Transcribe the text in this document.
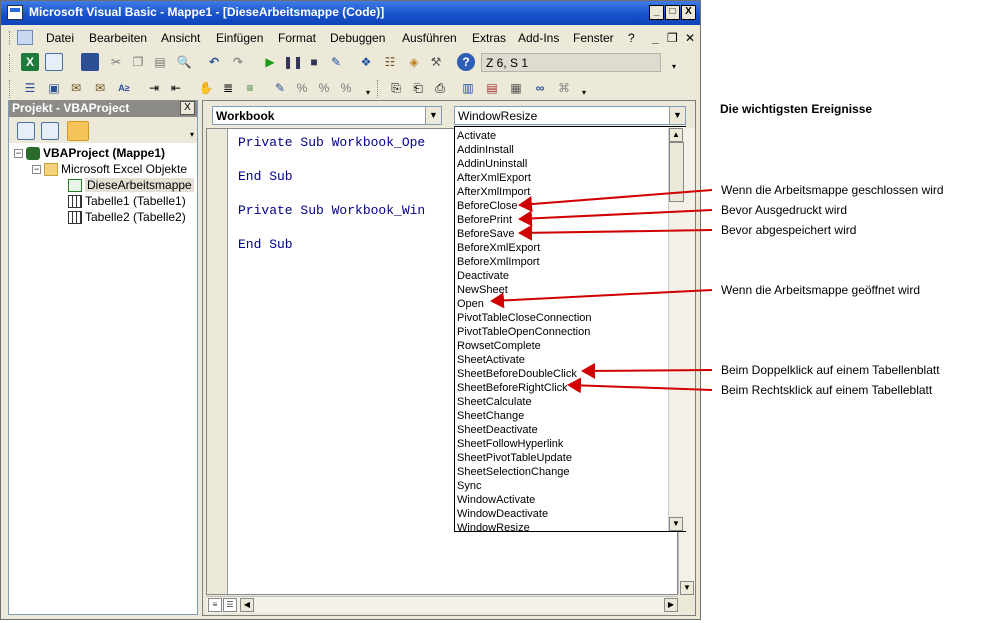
Microsoft Visual Basic - Mappe1 - [DieseArbeitsmappe (Code)]	_	□ X
Datei Bearbeiten Ansicht Einfügen Format Debuggen Ausführen Extras Add-Ins Fenster ? _ ❐ ✕
X	✂ ❐ ▤ 🔍	↶	↷	▶ ❚❚ ■	✎	❖	☷	◈	⚒	?	Z 6, S 1	▾
☰	▣ ✉	✉	A≥	⇥ ⇤	✋ ≣	≡	✎ % % %	▾	⎘	⎗	⎙	▥ ▤ ▦	∞	⌘	▾
Projekt - VBAProject	X
▾
− VBAProject (Mappe1)
− Microsoft Excel Objekte
DieseArbeitsmappe
Tabelle1 (Tabelle1)
Tabelle2 (Tabelle2)
Workbook	▼ WindowResize	▼
Private Sub Workbook_Ope
End Sub
Private Sub Workbook_Win
End Sub
▼
≡	☰	◀	▶
Activate
AddinInstall
AddinUninstall
AfterXmlExport
AfterXmlImport
BeforeClose
BeforePrint
BeforeSave
BeforeXmlExport
BeforeXmlImport
Deactivate
NewSheet
Open
PivotTableCloseConnection
PivotTableOpenConnection
RowsetComplete
SheetActivate
SheetBeforeDoubleClick
SheetBeforeRightClick
SheetCalculate
SheetChange
SheetDeactivate
SheetFollowHyperlink
SheetPivotTableUpdate
SheetSelectionChange
Sync
WindowActivate
WindowDeactivate
WindowResize
▲
▼
Die wichtigsten Ereignisse
Wenn die Arbeitsmappe geschlossen wird
Bevor Ausgedruckt wird
Bevor abgespeichert wird
Wenn die Arbeitsmappe geöffnet wird
Beim Doppelklick auf einem Tabellenblatt
Beim Rechtsklick auf einem Tabelleblatt
